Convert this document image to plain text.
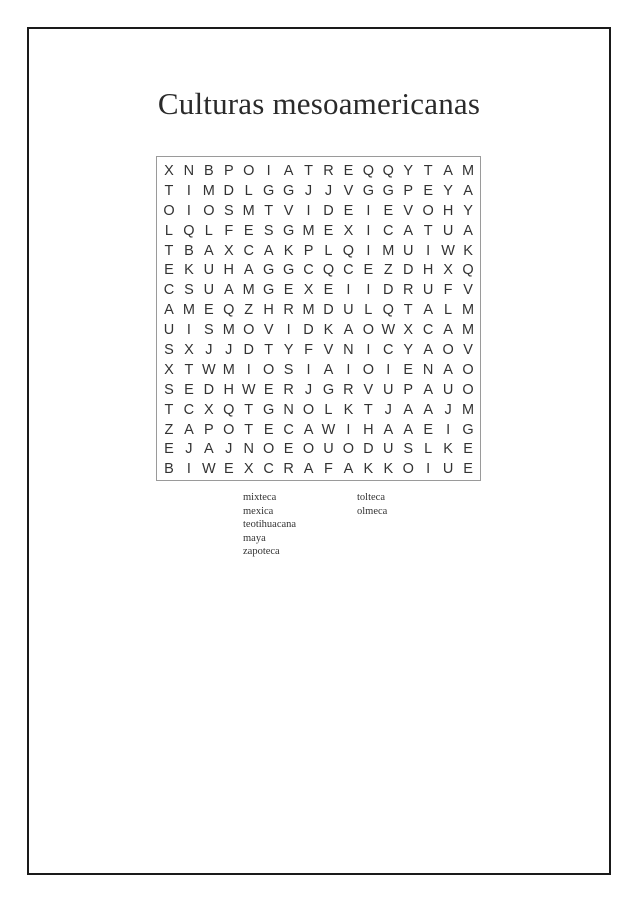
Culturas mesoamericanas
X N B P O I A T R E Q Q Y T A M
T I M D L G G J J V G G P E Y A
O I O S M T V I D E I E V O H Y
L Q L F E S G M E X I C A T U A
T B A X C A K P L Q I M U I W K
E K U H A G G C Q C E Z D H X Q
C S U A M G E X E I	I D R U F V
A M E Q Z H R M D U L Q T A L M
U I S M O V I D K A O W X C A M
S X J J D T Y F V N I C Y A O V
X T W M I O S I A I O I E N A O
S E D H W E R J G R V U P A U O
T C X Q T G N O L K T J A A J M
Z A P O T E C A W I H A A E I G
E J A J N O E O U O D U S L K E
B I W E X C R A F A K K O I U E
mixteca
mexica
teotihuacana
maya
zapoteca
tolteca
olmeca
